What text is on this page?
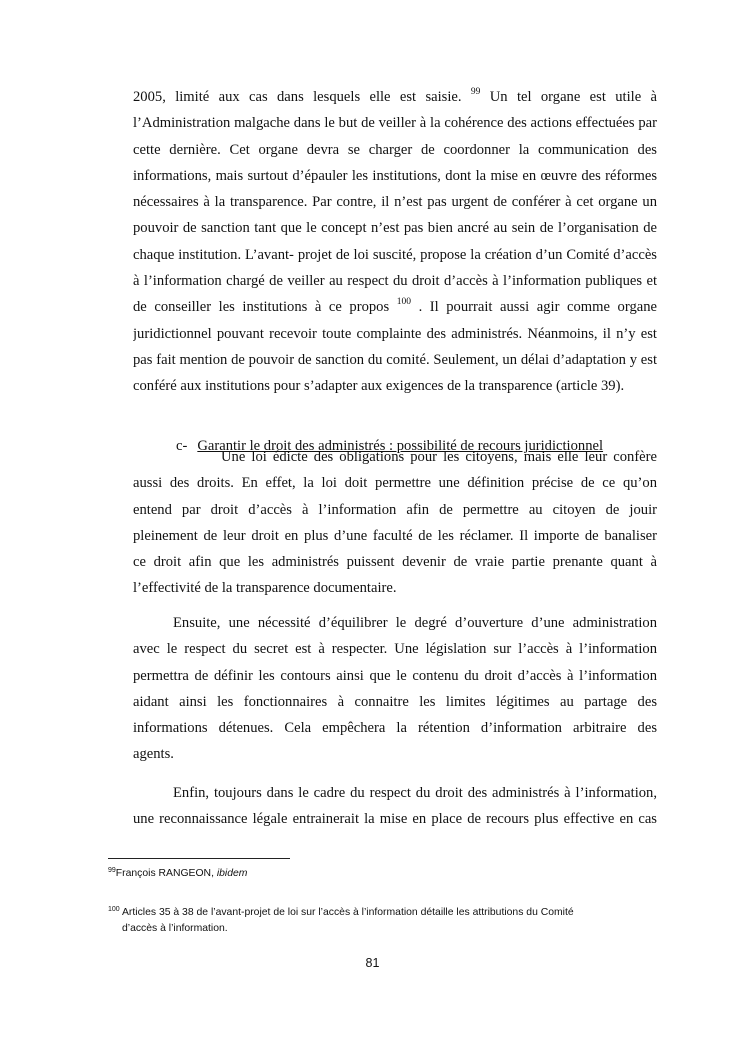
2005, limité aux cas dans lesquels elle est saisie. $^{99}$ Un tel organe est utile à
l’Administration malgache dans le but de veiller à la cohérence des actions effectuées par
cette dernière. Cet organe devra se charger de coordonner la communication des
informations, mais surtout d’épauler les institutions, dont la mise en œuvre des réformes
nécessaires à la transparence. Par contre, il n’est pas urgent de conférer à cet organe un
pouvoir de sanction tant que le concept n’est pas bien ancré au sein de l’organisation de
chaque institution. L’avant- projet de loi suscité, propose la création d’un Comité d’accès
à l’information chargé de veiller au respect du droit d’accès à l’information publiques et
de conseiller les institutions à ce propos $^{100}$ . Il pourrait aussi agir comme organe
juridictionnel pouvant recevoir toute complainte des administrés. Néanmoins, il n’y est
pas fait mention de pouvoir de sanction du comité. Seulement, un délai d’adaptation y est
conféré aux institutions pour s’adapter aux exigences de la transparence (article 39).
c- Garantir le droit des administrés : possibilité de recours juridictionnel
Une loi édicte des obligations pour les citoyens, mais elle leur confère
aussi des droits. En effet, la loi doit permettre une définition précise de ce qu’on
entend par droit d’accès à l’information afin de permettre au citoyen de jouir
pleinement de leur droit en plus d’une faculté de les réclamer. Il importe de banaliser
ce droit afin que les administrés puissent devenir de vraie partie prenante quant à
l’effectivité de la transparence documentaire.
Ensuite, une nécessité d’équilibrer le degré d’ouverture d’une administration
avec le respect du secret est à respecter. Une législation sur l’accès à l’information
permettra de définir les contours ainsi que le contenu du droit d’accès à l’information
aidant ainsi les fonctionnaires à connaitre les limites légitimes au partage des
informations détenues. Cela empêchera la rétention d’information arbitraire des
agents.
Enfin, toujours dans le cadre du respect du droit des administrés à l’information,
une reconnaissance légale entrainerait la mise en place de recours plus effective en cas
$^{99}$François RANGEON, ibidem
$^{100}$ Articles 35 à 38 de l’avant-projet de loi sur l’accès à l’information détaille les attributions du Comité
d’accès à l’information.
81
